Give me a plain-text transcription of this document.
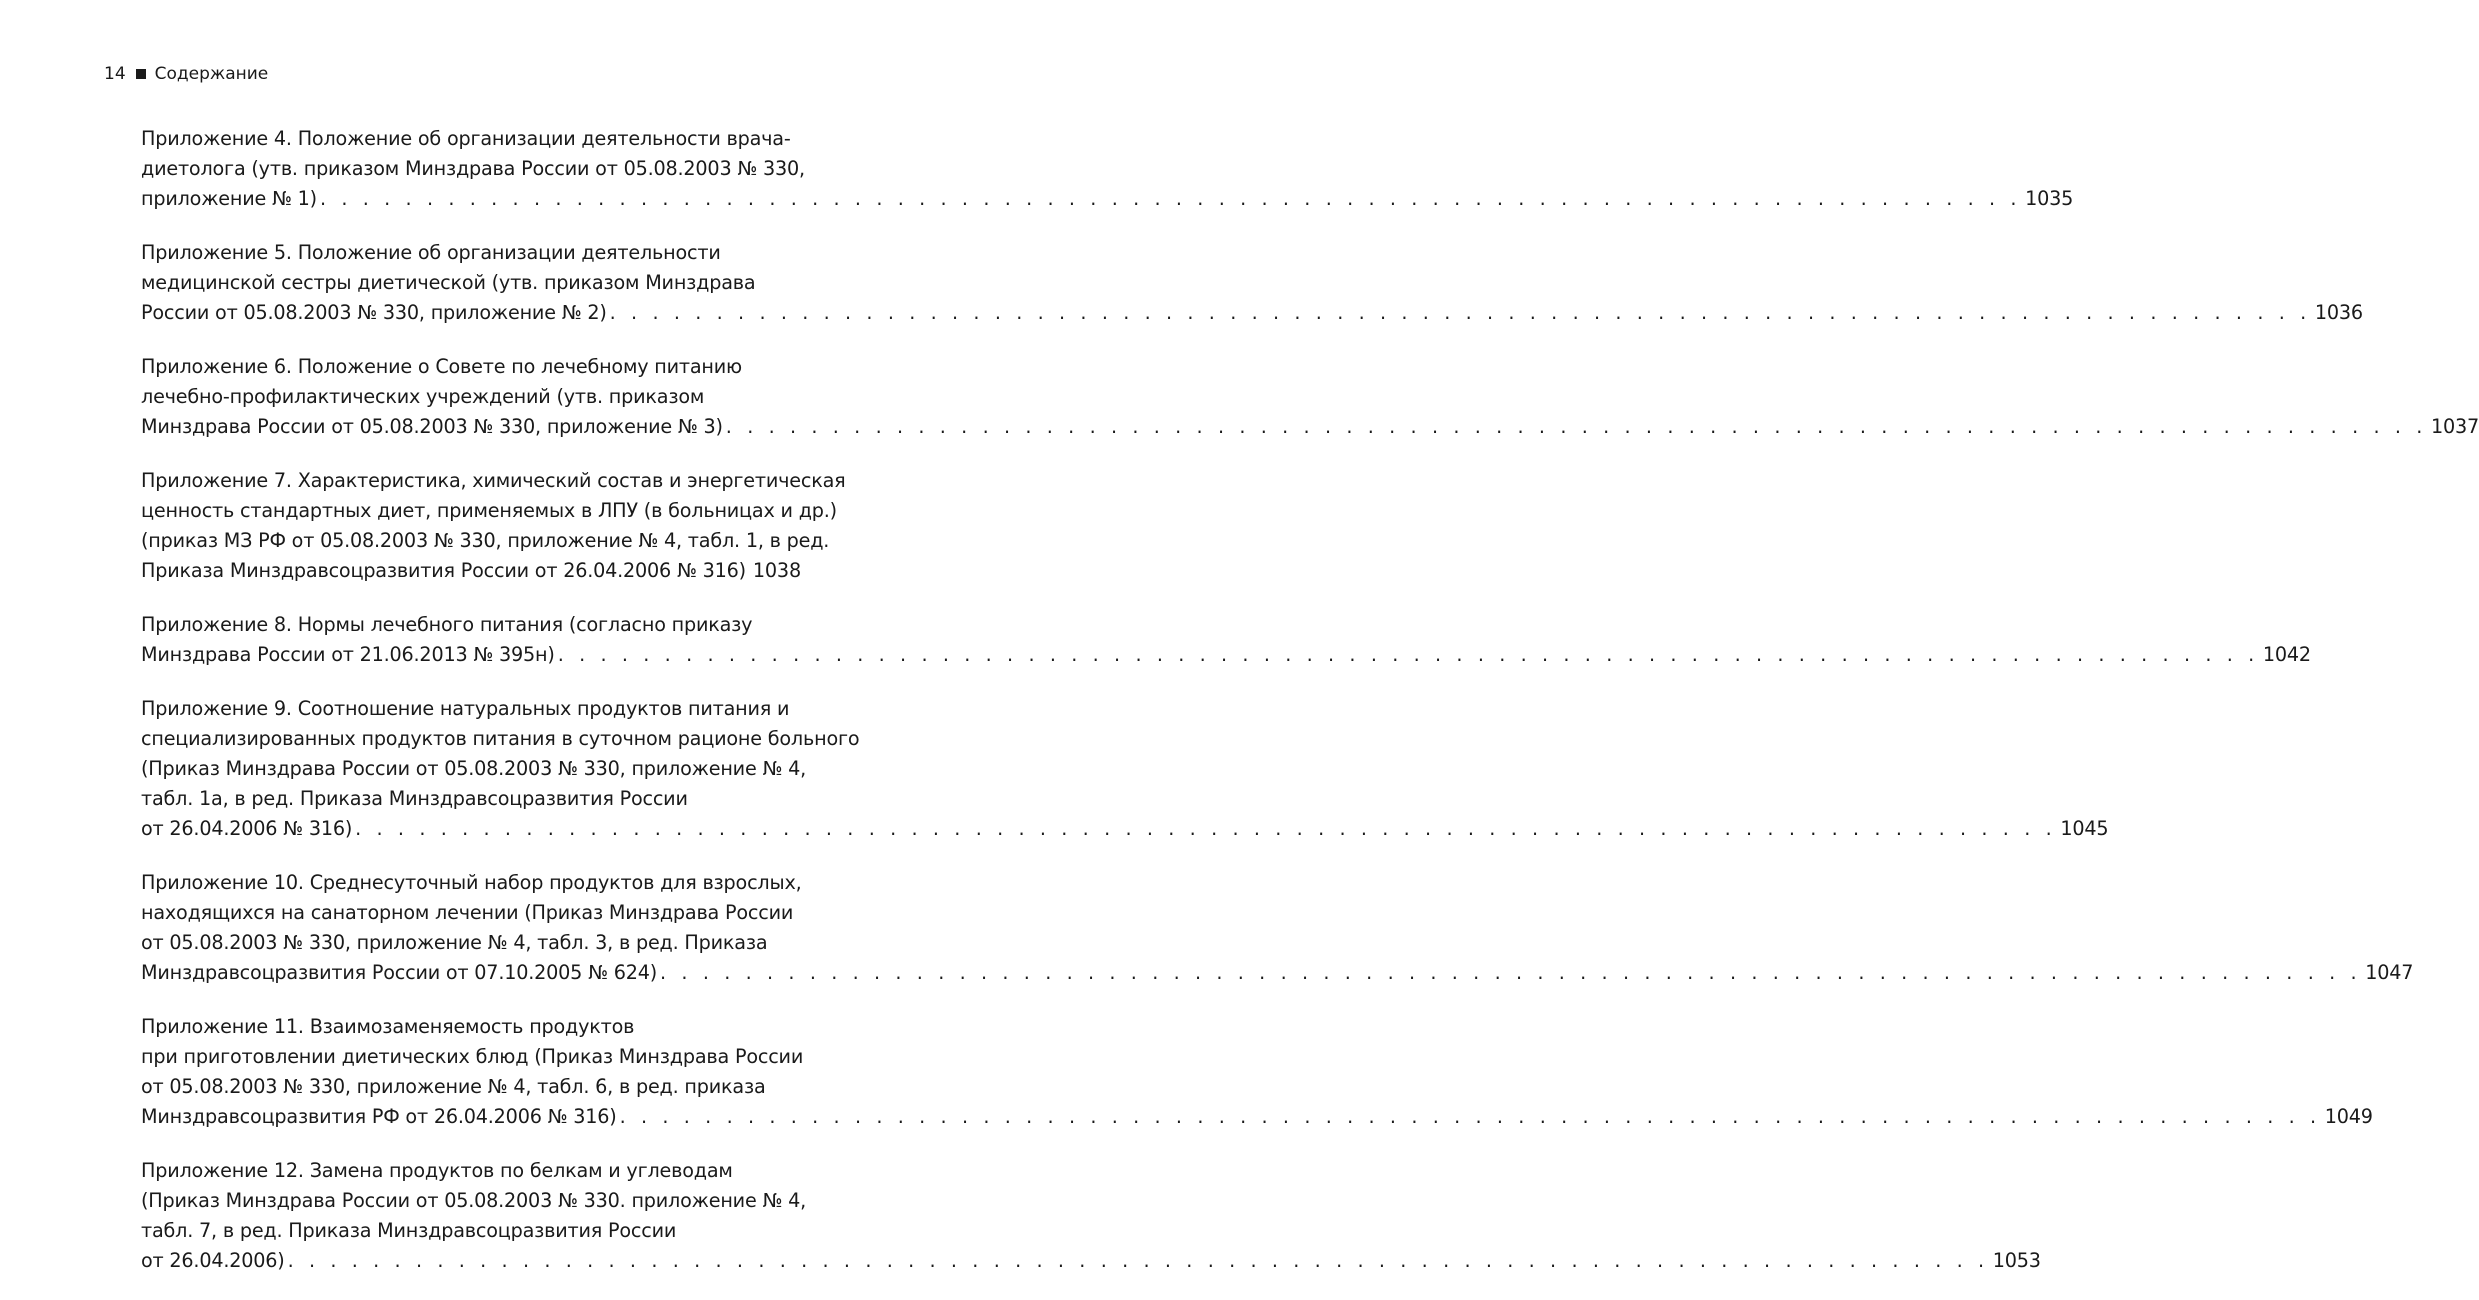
14 Содержание
Приложение 4. Положение об организации деятельности врача-
диетолога (утв. приказом Минздрава России от 05.08.2003 № 330,
приложение № 1) . . . . . . . . . . . . . . . . . . . . . . . . . . . . . . . . . . . . . . . . . . . . . . . . . . . . . . . . . . . . . . . . . . . . . . . . . . . . . . . . 1035
Приложение 5. Положение об организации деятельности
медицинской сестры диетической (утв. приказом Минздрава
России от 05.08.2003 № 330, приложение № 2) . . . . . . . . . . . . . . . . . . . . . . . . . . . . . . . . . . . . . . . . . . . . . . . . . . . . . . . . . . . . . . . . . . . . . . . . . . . . . . . . 1036
Приложение 6. Положение о Совете по лечебному питанию
лечебно-профилактических учреждений (утв. приказом
Минздрава России от 05.08.2003 № 330, приложение № 3) . . . . . . . . . . . . . . . . . . . . . . . . . . . . . . . . . . . . . . . . . . . . . . . . . . . . . . . . . . . . . . . . . . . . . . . . . . . . . . . . 1037
Приложение 7. Характеристика, химический состав и энергетическая
ценность стандартных диет, применяемых в ЛПУ (в больницах и др.)
(приказ МЗ РФ от 05.08.2003 № 330, приложение № 4, табл. 1, в ред.
Приказа Минздравсоцразвития России от 26.04.2006 № 316) 1038
Приложение 8. Нормы лечебного питания (согласно приказу
Минздрава России от 21.06.2013 № 395н) . . . . . . . . . . . . . . . . . . . . . . . . . . . . . . . . . . . . . . . . . . . . . . . . . . . . . . . . . . . . . . . . . . . . . . . . . . . . . . . . 1042
Приложение 9. Соотношение натуральных продуктов питания и
специализированных продуктов питания в суточном рационе больного
(Приказ Минздрава России от 05.08.2003 № 330, приложение № 4,
табл. 1а, в ред. Приказа Минздравсоцразвития России
от 26.04.2006 № 316) . . . . . . . . . . . . . . . . . . . . . . . . . . . . . . . . . . . . . . . . . . . . . . . . . . . . . . . . . . . . . . . . . . . . . . . . . . . . . . . . 1045
Приложение 10. Среднесуточный набор продуктов для взрослых,
находящихся на санаторном лечении (Приказ Минздрава России
от 05.08.2003 № 330, приложение № 4, табл. 3, в ред. Приказа
Минздравсоцразвития России от 07.10.2005 № 624) . . . . . . . . . . . . . . . . . . . . . . . . . . . . . . . . . . . . . . . . . . . . . . . . . . . . . . . . . . . . . . . . . . . . . . . . . . . . . . . . 1047
Приложение 11. Взаимозаменяемость продуктов
при приготовлении диетических блюд (Приказ Минздрава России
от 05.08.2003 № 330, приложение № 4, табл. 6, в ред. приказа
Минздравсоцразвития РФ от 26.04.2006 № 316) . . . . . . . . . . . . . . . . . . . . . . . . . . . . . . . . . . . . . . . . . . . . . . . . . . . . . . . . . . . . . . . . . . . . . . . . . . . . . . . . 1049
Приложение 12. Замена продуктов по белкам и углеводам
(Приказ Минздрава России от 05.08.2003 № 330. приложение № 4,
табл. 7, в ред. Приказа Минздравсоцразвития России
от 26.04.2006) . . . . . . . . . . . . . . . . . . . . . . . . . . . . . . . . . . . . . . . . . . . . . . . . . . . . . . . . . . . . . . . . . . . . . . . . . . . . . . . . 1053
